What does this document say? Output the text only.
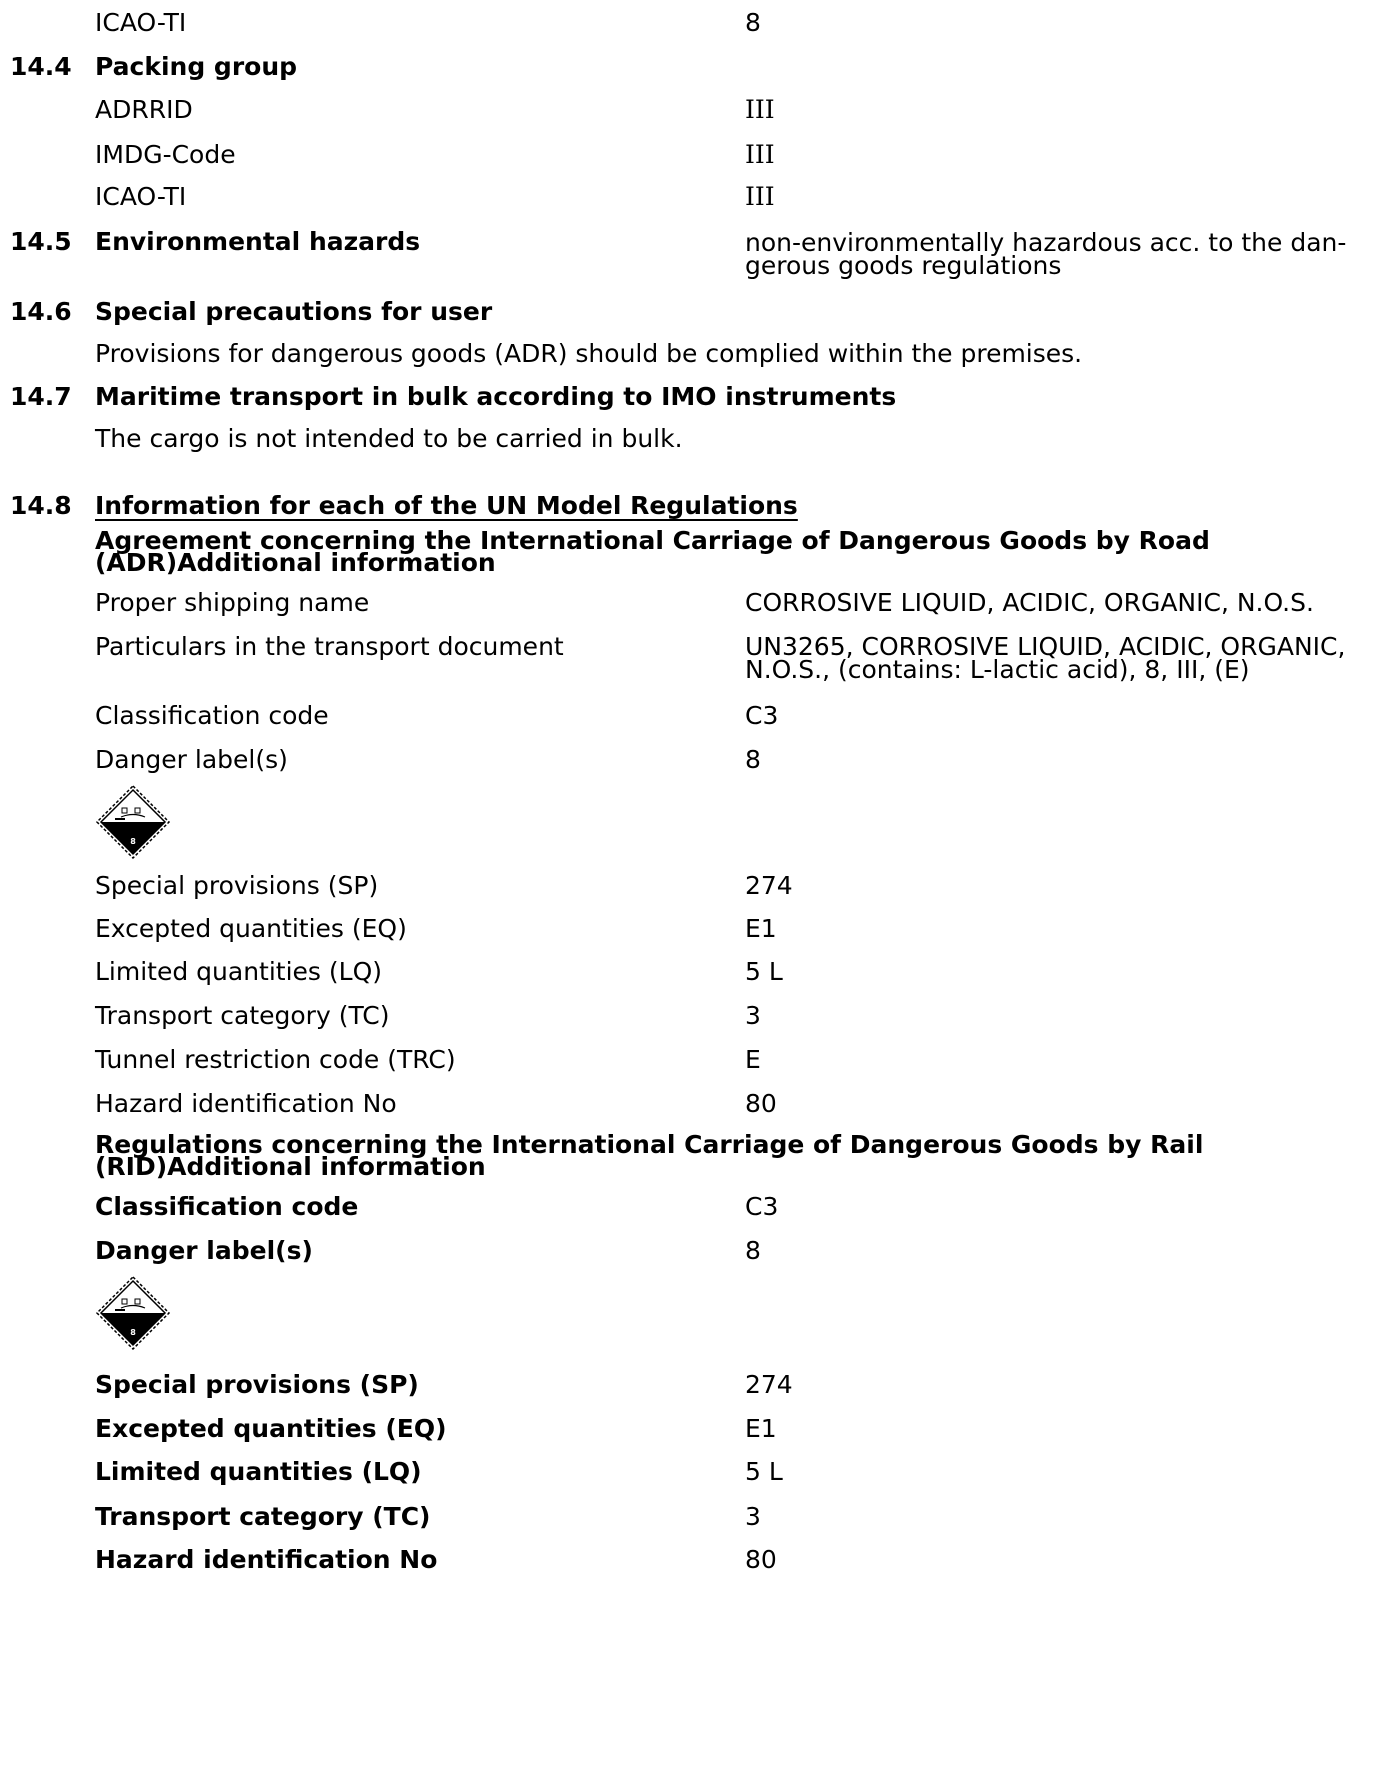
ICAO-TI	8
14.4 Packing group
ADRRID	III
IMDG-Code	III
ICAO-TI	III
14.5 Environmental hazards	non-environmentally hazardous acc. to the dan-gerous goods regulations
14.6 Special precautions for user
Provisions for dangerous goods (ADR) should be complied within the premises.
14.7 Maritime transport in bulk according to IMO instruments
The cargo is not intended to be carried in bulk.
14.8 Information for each of the UN Model Regulations
Agreement concerning the International Carriage of Dangerous Goods by Road (ADR)Additional information
Proper shipping name	CORROSIVE LIQUID, ACIDIC, ORGANIC, N.O.S.
Particulars in the transport document	UN3265, CORROSIVE LIQUID, ACIDIC, ORGANIC, N.O.S., (contains: L-lactic acid), 8, III, (E)
Classification code	C3
Danger label(s)	8
8
Special provisions (SP)	274
Excepted quantities (EQ)	E1
Limited quantities (LQ)	5 L
Transport category (TC)	3
Tunnel restriction code (TRC)	E
Hazard identification No	80
Regulations concerning the International Carriage of Dangerous Goods by Rail (RID)Additional information
Classification code	C3
Danger label(s)	8
8
Special provisions (SP)	274
Excepted quantities (EQ)	E1
Limited quantities (LQ)	5 L
Transport category (TC)	3
Hazard identification No	80
